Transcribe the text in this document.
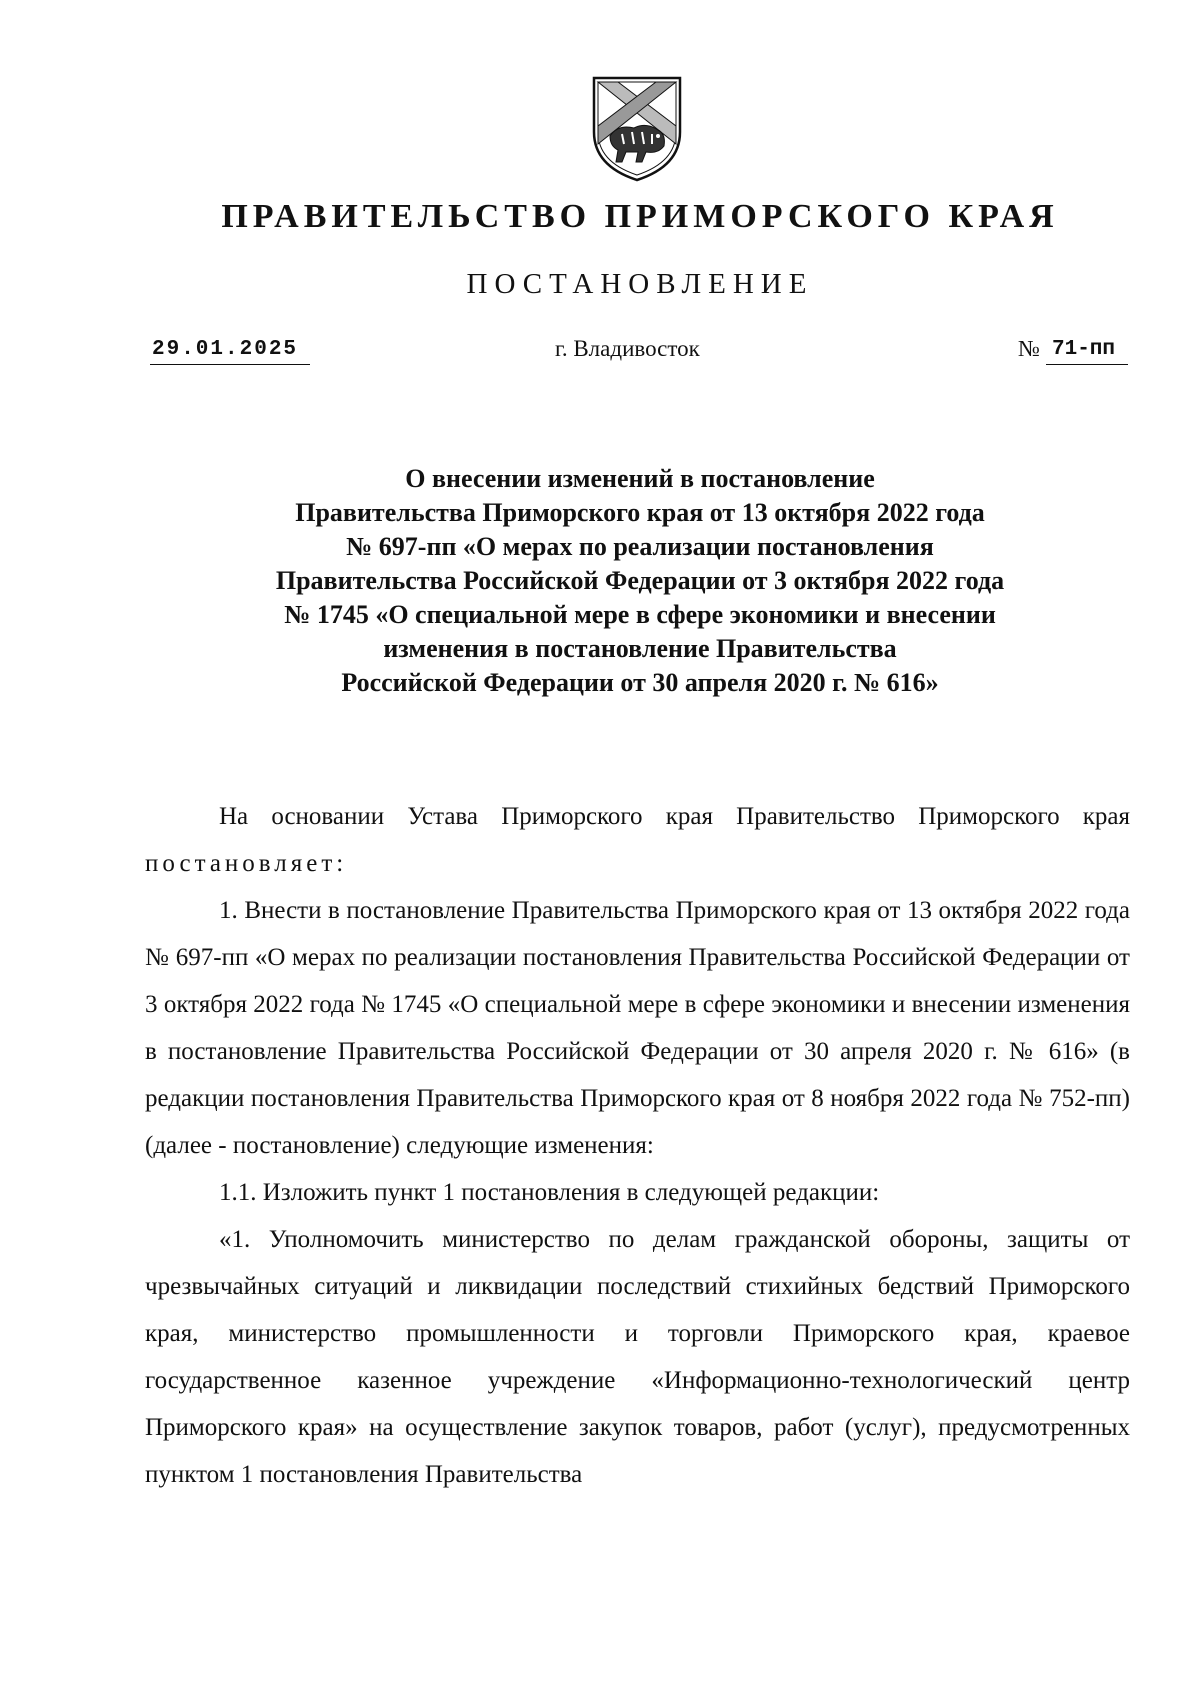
ПРАВИТЕЛЬСТВО ПРИМОРСКОГО КРАЯ
ПОСТАНОВЛЕНИЕ
29.01.2025	г. Владивосток	№ 71-пп
О внесении изменений в постановление
Правительства Приморского края от 13 октября 2022 года
№ 697-пп «О мерах по реализации постановления
Правительства Российской Федерации от 3 октября 2022 года
№ 1745 «О специальной мере в сфере экономики и внесении
изменения в постановление Правительства
Российской Федерации от 30 апреля 2020 г. № 616»

На основании Устава Приморского края Правительство Приморского края постановляет:

1. Внести в постановление Правительства Приморского края от 13 октября 2022 года № 697-пп «О мерах по реализации постановления Правительства Российской Федерации от 3 октября 2022 года № 1745 «О специальной мере в сфере экономики и внесении изменения в постановление Правительства Российской Федерации от 30 апреля 2020 г. № 616» (в редакции постановления Правительства Приморского края от 8 ноября 2022 года № 752-пп) (далее - постановление) следующие изменения:

1.1. Изложить пункт 1 постановления в следующей редакции:

«1. Уполномочить министерство по делам гражданской обороны, защиты от чрезвычайных ситуаций и ликвидации последствий стихийных бедствий Приморского края, министерство промышленности и торговли Приморского края, краевое государственное казенное учреждение «Информационно-технологический центр Приморского края» на осуществление закупок товаров, работ (услуг), предусмотренных пунктом 1 постановления Правительства
